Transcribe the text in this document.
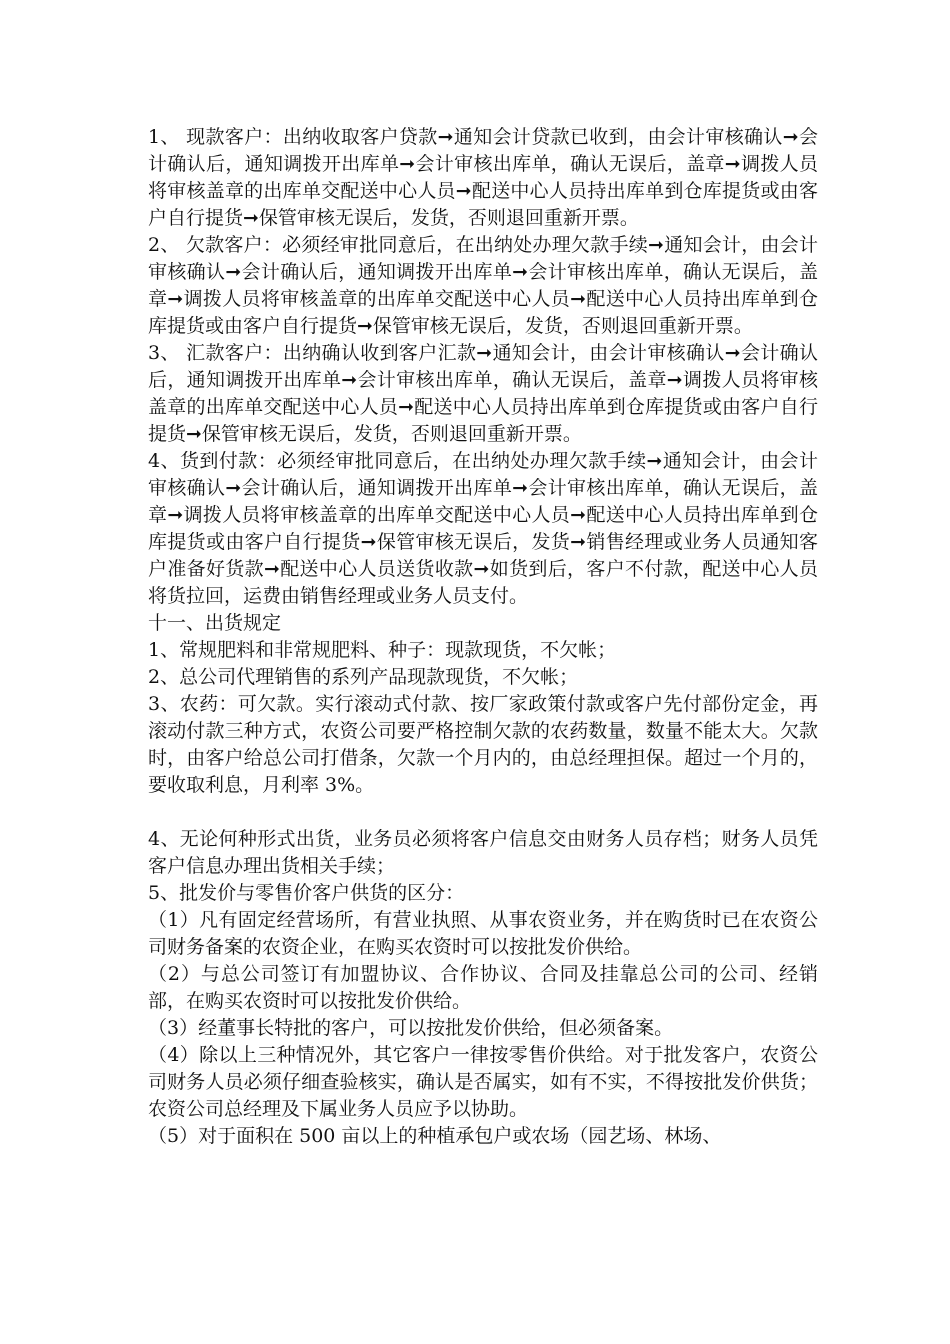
1、 现款客户：出纳收取客户贷款➞通知会计贷款已收到，由会计审核确认➞会计确认后，通知调拨开出库单➞会计审核出库单，确认无误后，盖章➞调拨人员将审核盖章的出库单交配送中心人员➞配送中心人员持出库单到仓库提货或由客户自行提货➞保管审核无误后，发货，否则退回重新开票。

2、 欠款客户：必须经审批同意后，在出纳处办理欠款手续➞通知会计，由会计审核确认➞会计确认后，通知调拨开出库单➞会计审核出库单，确认无误后，盖章➞调拨人员将审核盖章的出库单交配送中心人员➞配送中心人员持出库单到仓库提货或由客户自行提货➞保管审核无误后，发货，否则退回重新开票。

3、 汇款客户：出纳确认收到客户汇款➞通知会计，由会计审核确认➞会计确认后，通知调拨开出库单➞会计审核出库单，确认无误后，盖章➞调拨人员将审核盖章的出库单交配送中心人员➞配送中心人员持出库单到仓库提货或由客户自行提货➞保管审核无误后，发货，否则退回重新开票。

4、货到付款：必须经审批同意后，在出纳处办理欠款手续➞通知会计，由会计审核确认➞会计确认后，通知调拨开出库单➞会计审核出库单，确认无误后，盖章➞调拨人员将审核盖章的出库单交配送中心人员➞配送中心人员持出库单到仓库提货或由客户自行提货➞保管审核无误后，发货➞销售经理或业务人员通知客户准备好货款➞配送中心人员送货收款➞如货到后，客户不付款，配送中心人员将货拉回，运费由销售经理或业务人员支付。

十一、出货规定

1、常规肥料和非常规肥料、种子：现款现货，不欠帐；

2、总公司代理销售的系列产品现款现货，不欠帐；

3、农药：可欠款。实行滚动式付款、按厂家政策付款或客户先付部份定金，再滚动付款三种方式，农资公司要严格控制欠款的农药数量，数量不能太大。欠款时，由客户给总公司打借条，欠款一个月内的，由总经理担保。超过一个月的，要收取利息，月利率 3%。

4、无论何种形式出货，业务员必须将客户信息交由财务人员存档；财务人员凭客户信息办理出货相关手续；

5、批发价与零售价客户供货的区分：

（1）凡有固定经营场所，有营业执照、从事农资业务，并在购货时已在农资公司财务备案的农资企业，在购买农资时可以按批发价供给。

（2）与总公司签订有加盟协议、合作协议、合同及挂靠总公司的公司、经销部，在购买农资时可以按批发价供给。

（3）经董事长特批的客户，可以按批发价供给，但必须备案。

（4）除以上三种情况外，其它客户一律按零售价供给。对于批发客户，农资公司财务人员必须仔细查验核实，确认是否属实，如有不实，不得按批发价供货；农资公司总经理及下属业务人员应予以协助。

（5）对于面积在 500 亩以上的种植承包户或农场（园艺场、林场、
